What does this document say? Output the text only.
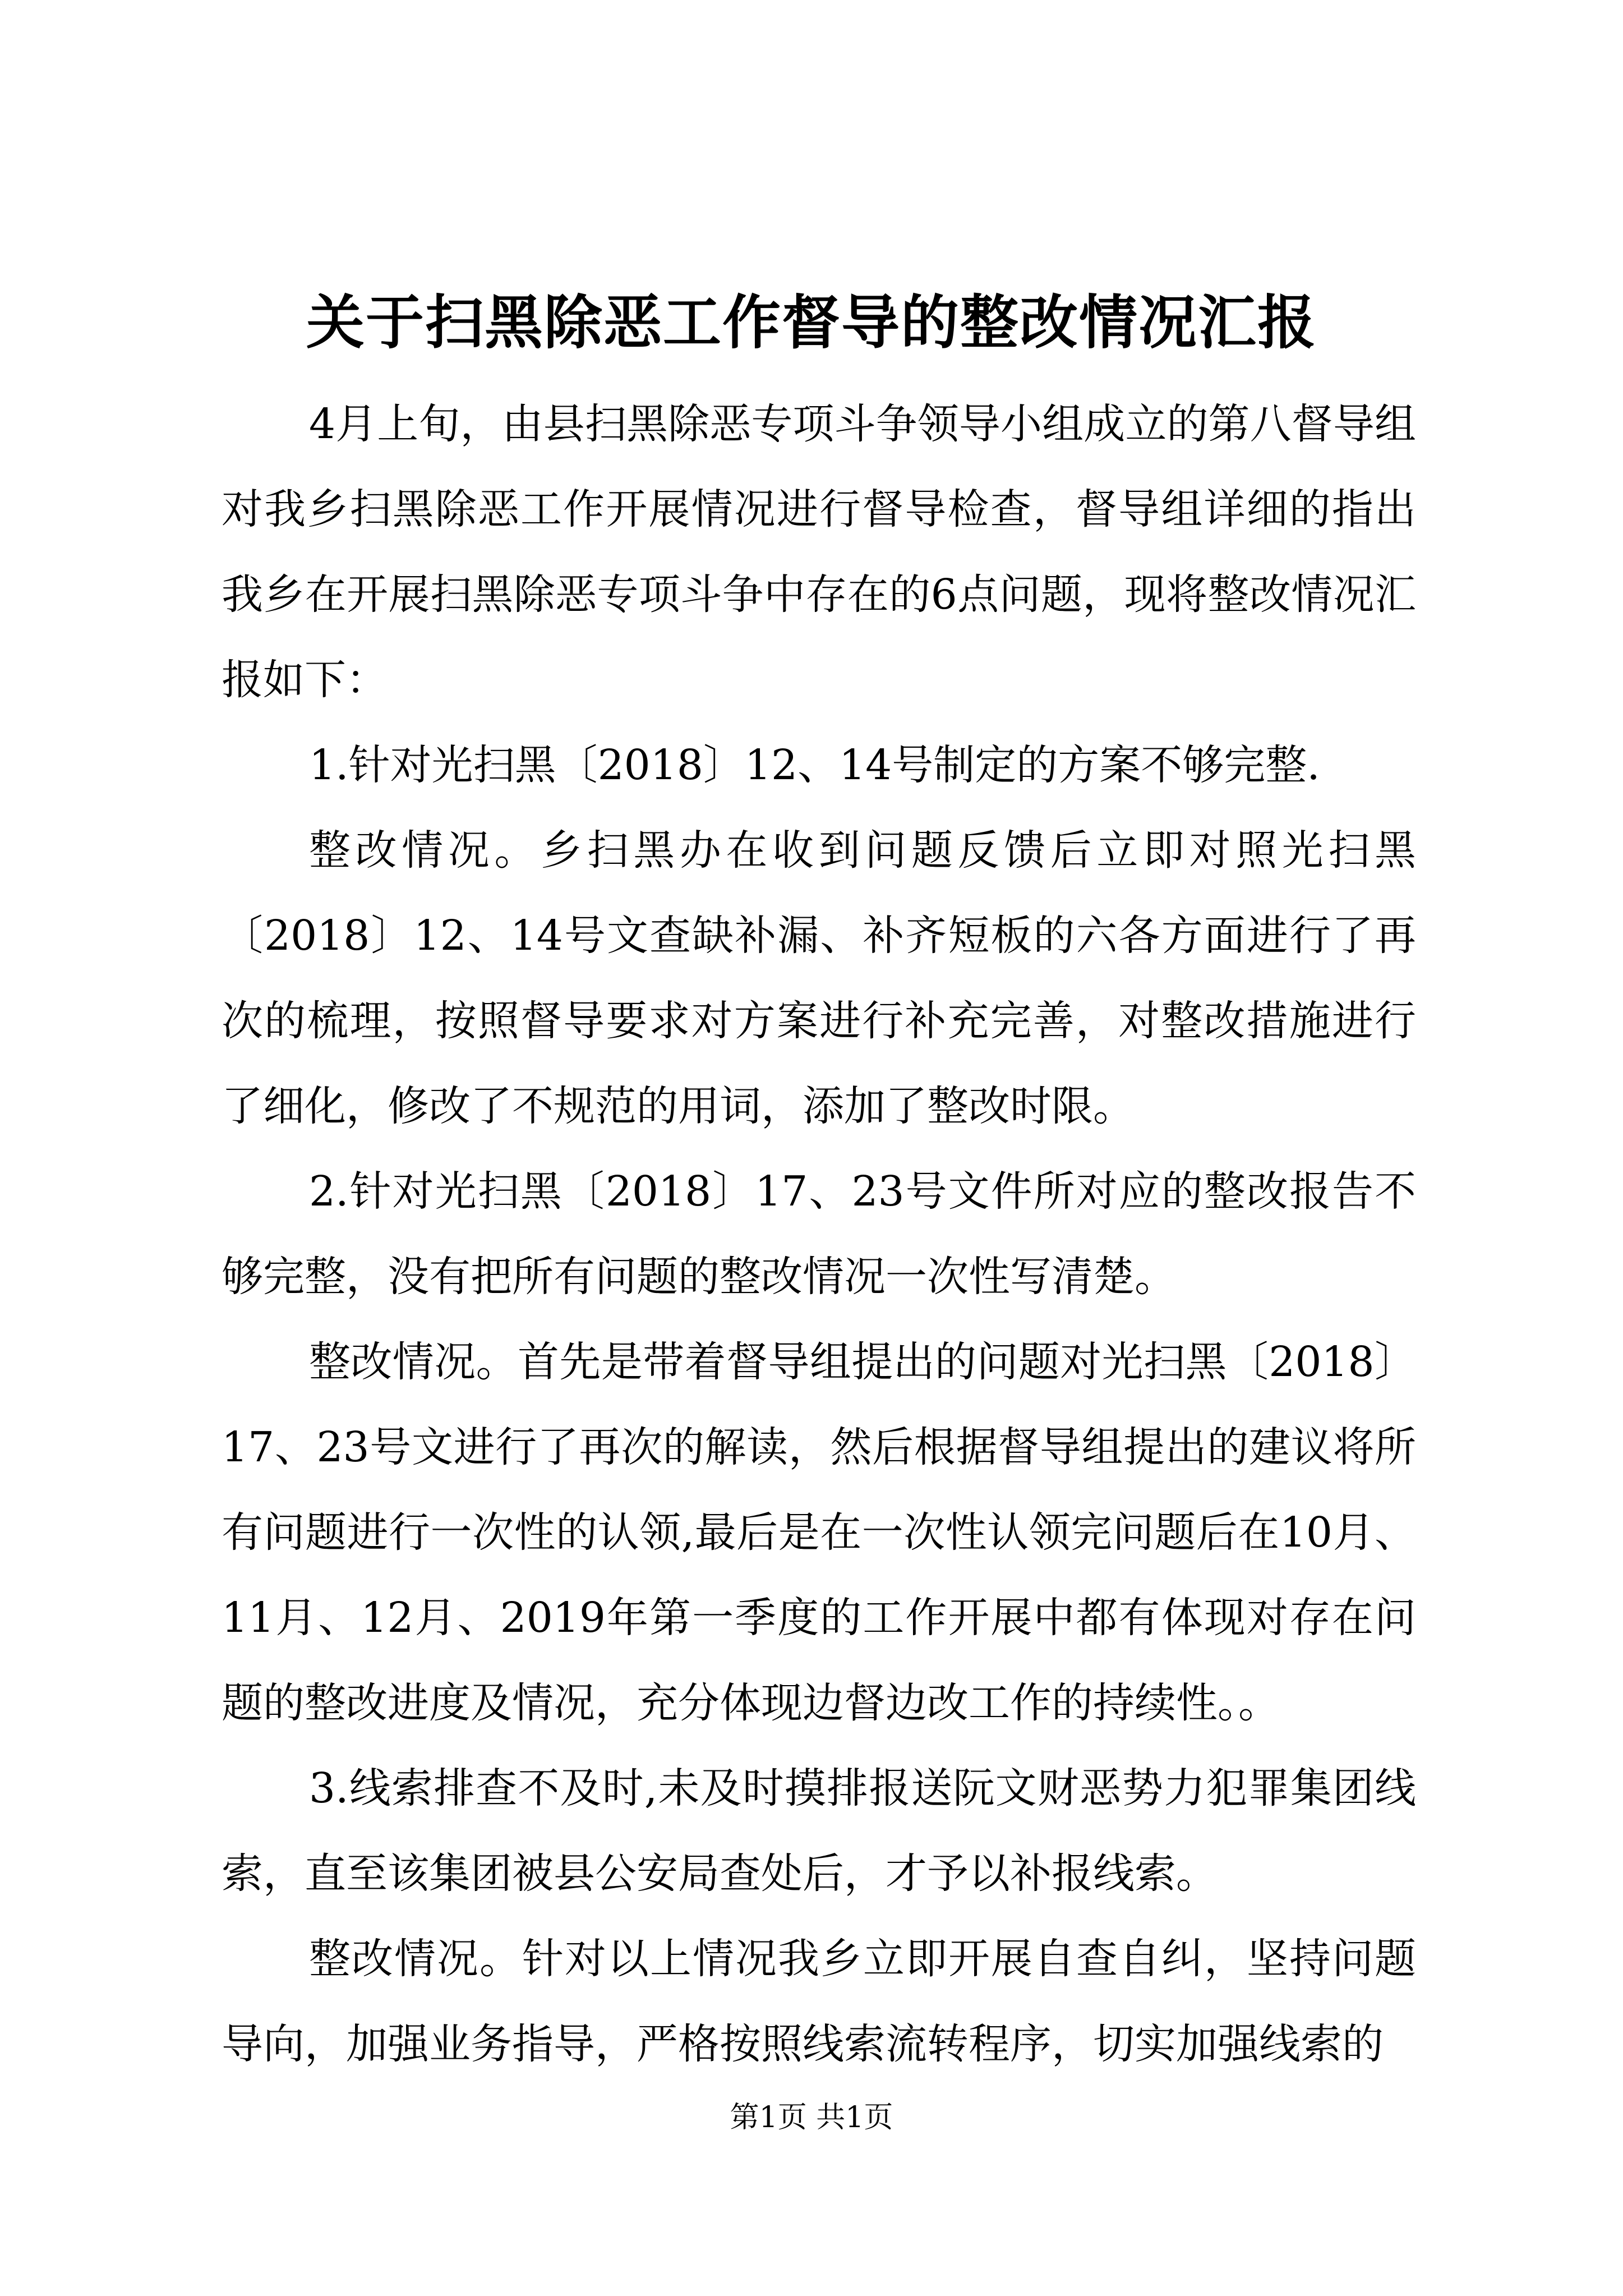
关于扫黑除恶工作督导的整改情况汇报

4月上旬，由县扫黑除恶专项斗争领导小组成立的第八督导组对我乡扫黑除恶工作开展情况进行督导检查，督导组详细的指出我乡在开展扫黑除恶专项斗争中存在的6点问题，现将整改情况汇报如下：

1.针对光扫黑〔2018〕12、14号制定的方案不够完整.

整改情况。乡扫黑办在收到问题反馈后立即对照光扫黑〔2018〕12、14号文查缺补漏、补齐短板的六各方面进行了再次的梳理，按照督导要求对方案进行补充完善，对整改措施进行了细化，修改了不规范的用词，添加了整改时限。

2.针对光扫黑〔2018〕17、23号文件所对应的整改报告不够完整，没有把所有问题的整改情况一次性写清楚。

整改情况。首先是带着督导组提出的问题对光扫黑〔2018〕17、23号文进行了再次的解读，然后根据督导组提出的建议将所有问题进行一次性的认领,最后是在一次性认领完问题后在10月、11月、12月、2019年第一季度的工作开展中都有体现对存在问题的整改进度及情况，充分体现边督边改工作的持续性。。

3.线索排查不及时,未及时摸排报送阮文财恶势力犯罪集团线索，直至该集团被县公安局查处后，才予以补报线索。

整改情况。针对以上情况我乡立即开展自查自纠，坚持问题导向，加强业务指导，严格按照线索流转程序，切实加强线索的

第1页 共1页
